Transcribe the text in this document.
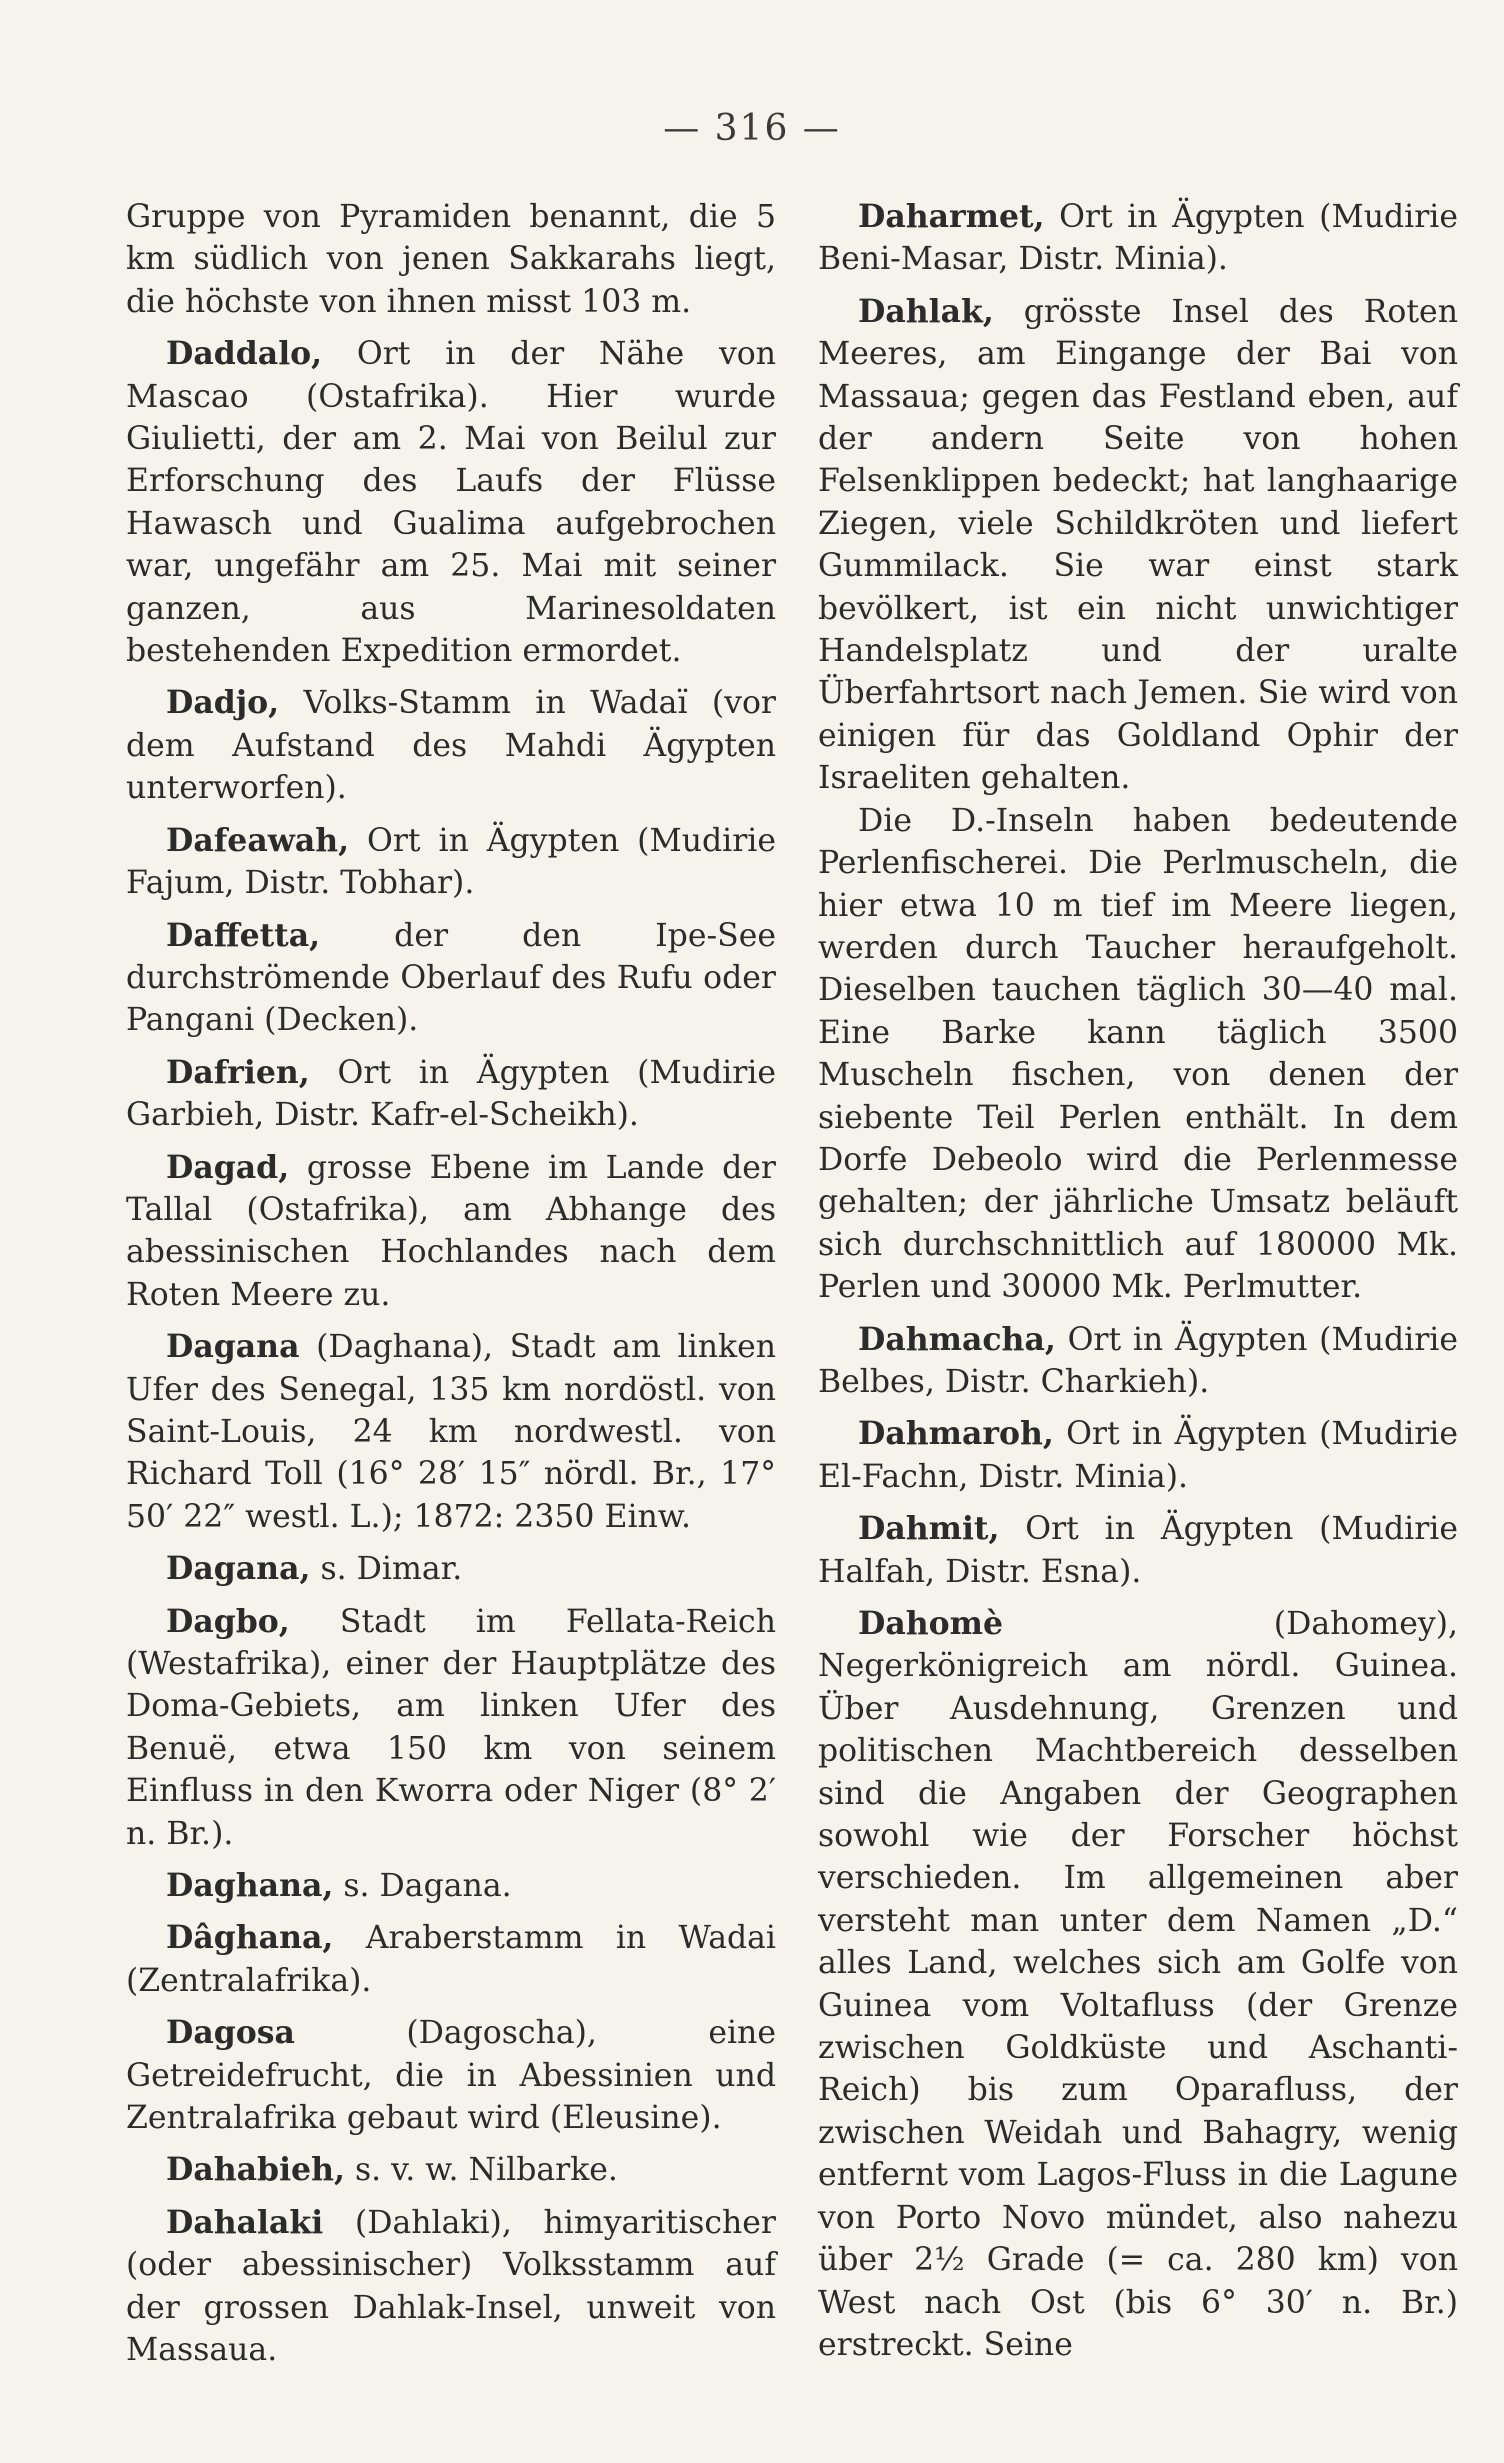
— 316 —

Gruppe von Pyramiden benannt, die 5 km südlich von jenen Sakkarahs liegt, die höchste von ihnen misst 103 m.

Daddalo, Ort in der Nähe von Mascao (Ostafrika). Hier wurde Giulietti, der am 2. Mai von Beilul zur Erforschung des Laufs der Flüsse Hawasch und Gualima aufgebrochen war, ungefähr am 25. Mai mit seiner ganzen, aus Marinesoldaten bestehenden Expedition ermordet.

Dadjo, Volks-Stamm in Wadaï (vor dem Aufstand des Mahdi Ägypten unterworfen).

Dafeawah, Ort in Ägypten (Mudirie Fajum, Distr. Tobhar).

Daffetta, der den Ipe-See durchströmende Oberlauf des Rufu oder Pangani (Decken).

Dafrien, Ort in Ägypten (Mudirie Garbieh, Distr. Kafr-el-Scheikh).

Dagad, grosse Ebene im Lande der Tallal (Ostafrika), am Abhange des abessinischen Hochlandes nach dem Roten Meere zu.

Dagana (Daghana), Stadt am linken Ufer des Senegal, 135 km nordöstl. von Saint-Louis, 24 km nordwestl. von Richard Toll (16° 28′ 15″ nördl. Br., 17° 50′ 22″ westl. L.); 1872: 2350 Einw.

Dagana, s. Dimar.

Dagbo, Stadt im Fellata-Reich (Westafrika), einer der Hauptplätze des Doma-Gebiets, am linken Ufer des Benuë, etwa 150 km von seinem Einfluss in den Kworra oder Niger (8° 2′ n. Br.).

Daghana, s. Dagana.

Dâghana, Araberstamm in Wadai (Zentralafrika).

Dagosa (Dagoscha), eine Getreidefrucht, die in Abessinien und Zentralafrika gebaut wird (Eleusine).

Dahabieh, s. v. w. Nilbarke.

Dahalaki (Dahlaki), himyaritischer (oder abessinischer) Volksstamm auf der grossen Dahlak-Insel, unweit von Massaua.

Daharmet, Ort in Ägypten (Mudirie Beni-Masar, Distr. Minia).

Dahlak, grösste Insel des Roten Meeres, am Eingange der Bai von Massaua; gegen das Festland eben, auf der andern Seite von hohen Felsenklippen bedeckt; hat langhaarige Ziegen, viele Schildkröten und liefert Gummilack. Sie war einst stark bevölkert, ist ein nicht unwichtiger Handelsplatz und der uralte Überfahrtsort nach Jemen. Sie wird von einigen für das Goldland Ophir der Israeliten gehalten.

Die D.-Inseln haben bedeutende Perlenfischerei. Die Perlmuscheln, die hier etwa 10 m tief im Meere liegen, werden durch Taucher heraufgeholt. Dieselben tauchen täglich 30—40 mal. Eine Barke kann täglich 3500 Muscheln fischen, von denen der siebente Teil Perlen enthält. In dem Dorfe Debeolo wird die Perlenmesse gehalten; der jährliche Umsatz beläuft sich durchschnittlich auf 180000 Mk. Perlen und 30000 Mk. Perlmutter.

Dahmacha, Ort in Ägypten (Mudirie Belbes, Distr. Charkieh).

Dahmaroh, Ort in Ägypten (Mudirie El-Fachn, Distr. Minia).

Dahmit, Ort in Ägypten (Mudirie Halfah, Distr. Esna).

Dahomè (Dahomey), Negerkönigreich am nördl. Guinea. Über Ausdehnung, Grenzen und politischen Machtbereich desselben sind die Angaben der Geographen sowohl wie der Forscher höchst verschieden. Im allgemeinen aber versteht man unter dem Namen „D.“ alles Land, welches sich am Golfe von Guinea vom Voltafluss (der Grenze zwischen Goldküste und Aschanti-Reich) bis zum Oparafluss, der zwischen Weidah und Bahagry, wenig entfernt vom Lagos-Fluss in die Lagune von Porto Novo mündet, also nahezu über 2½ Grade (= ca. 280 km) von West nach Ost (bis 6° 30′ n. Br.) erstreckt. Seine
